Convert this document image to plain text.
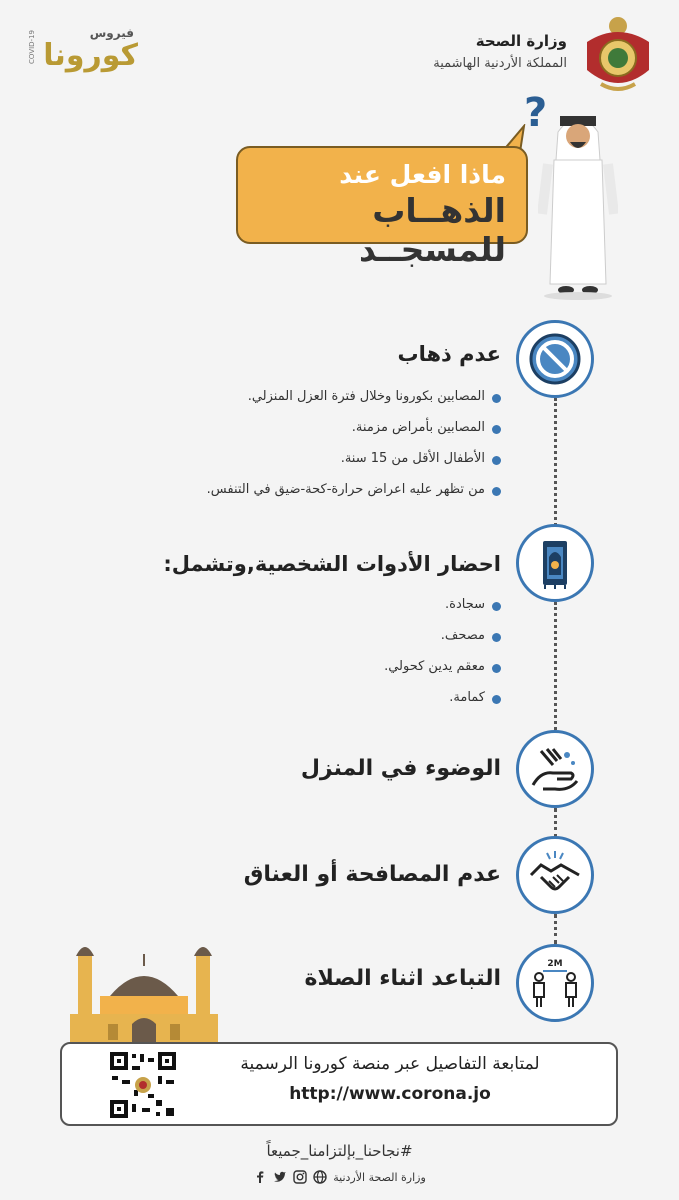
وزارة الصحة
المملكة الأردنية الهاشمية
فيروس
كورونا
COVID-19
?
ماذا افعل عند
الذهــاب للمسجــد
عدم ذهاب
المصابين بكورونا وخلال فترة العزل المنزلي.
المصابين بأمراض مزمنة.
الأطفال الأقل من 15 سنة.
من تظهر عليه اعراض حرارة-كحة-ضيق في التنفس.
احضار الأدوات الشخصية,وتشمل:
سجادة.
مصحف.
معقم يدين كحولي.
كمامة.
الوضوء في المنزل
عدم المصافحة أو العناق
2M
التباعد اثناء الصلاة
لمتابعة التفاصيل عبر منصة كورونا الرسمية
http://www.corona.jo
#نجاحنا_بإلتزامنا_جميعاً
وزارة الصحة الأردنية
